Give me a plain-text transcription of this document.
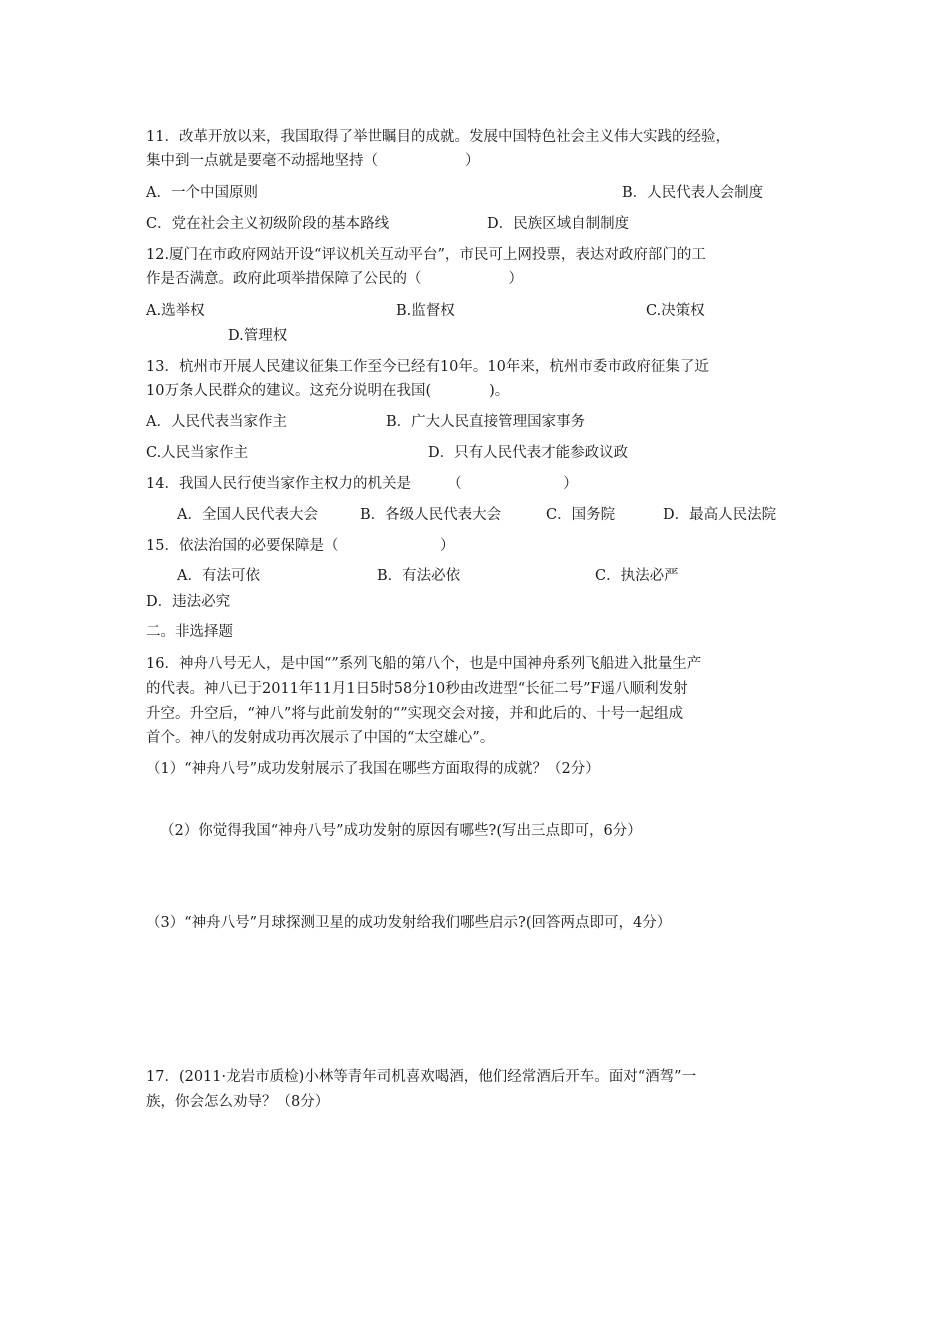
11．改革开放以来，我国取得了举世瞩目的成就。发展中国特色社会主义伟大实践的经验，
集中到一点就是要毫不动摇地坚持（　　　　　　）
A．一个中国原则	B．人民代表人会制度
C．党在社会主义初级阶段的基本路线	D．民族区域自制制度
12.厦门在市政府网站开设“评议机关互动平台”，市民可上网投票，表达对政府部门的工
作是否满意。政府此项举措保障了公民的（　　　　　　）
A.选举权	B.监督权	C.决策权
D.管理权
13．杭州市开展人民建议征集工作至今已经有10年。10年来，杭州市委市政府征集了近
10万条人民群众的建议。这充分说明在我国(　　　　)。
A．人民代表当家作主	B．广大人民直接管理国家事务
C.人民当家作主	D．只有人民代表才能参政议政
14．我国人民行使当家作主权力的机关是　　　（　　　　　　　）
A．全国人民代表大会	B．各级人民代表大会	C．国务院	D．最高人民法院
15．依法治国的必要保障是（　　　　　　　）
A．有法可依	B．有法必依	C．执法必严
D．违法必究
二。非选择题
16．神舟八号无人，是中国“”系列飞船的第八个，也是中国神舟系列飞船进入批量生产
的代表。神八已于2011年11月1日5时58分10秒由改进型“长征二号”F遥八顺利发射
升空。升空后，“神八”将与此前发射的“”实现交会对接，并和此后的、十号一起组成
首个。神八的发射成功再次展示了中国的“太空雄心”。
（1）“神舟八号”成功发射展示了我国在哪些方面取得的成就？（2分）
（2）你觉得我国“神舟八号”成功发射的原因有哪些?(写出三点即可，6分）
（3）“神舟八号”月球探测卫星的成功发射给我们哪些启示?(回答两点即可，4分）
17．(2011·龙岩市质检)小林等青年司机喜欢喝酒，他们经常酒后开车。面对“酒驾”一
族，你会怎么劝导？（8分）
